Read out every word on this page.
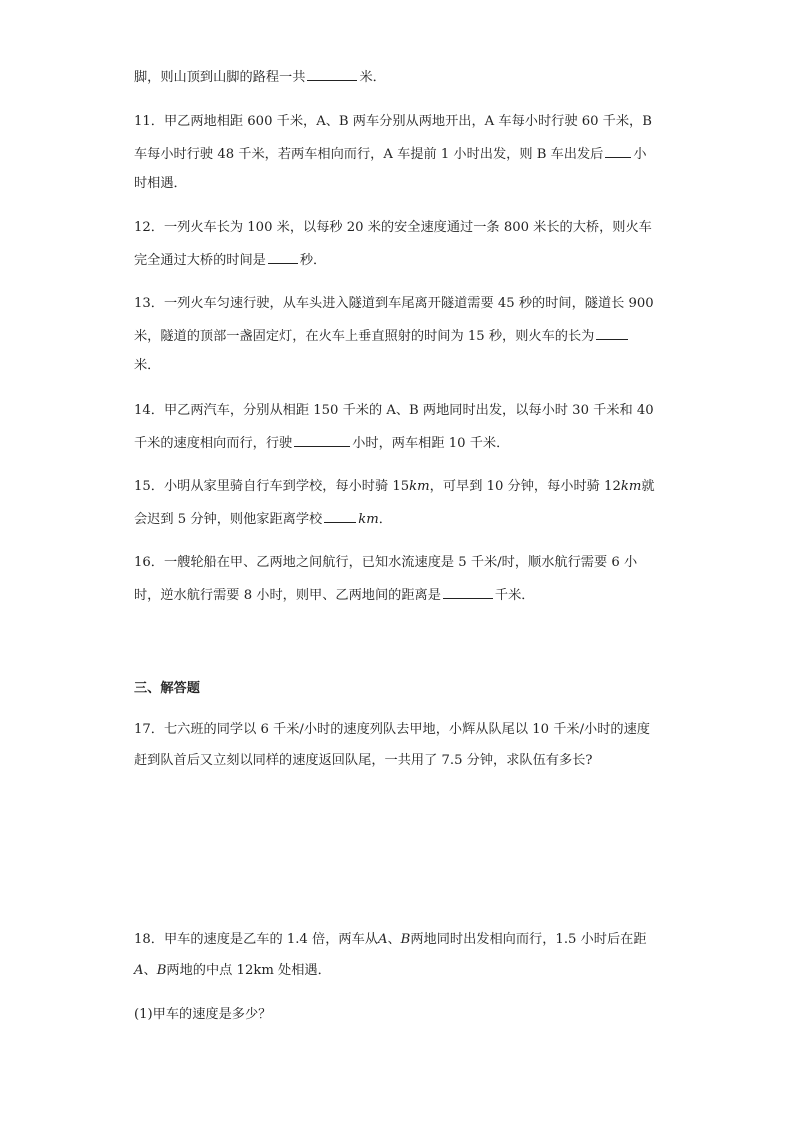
脚，则山顶到山脚的路程一共	米．
11．甲乙两地相距 600 千米，A、B 两车分别从两地开出，A 车每小时行驶 60 千米，B
车每小时行驶 48 千米，若两车相向而行，A 车提前 1 小时出发，则 B 车出发后 小
时相遇．
12．一列火车长为 100 米，以每秒 20 米的安全速度通过一条 800 米长的大桥，则火车
完全通过大桥的时间是	秒．
13．一列火车匀速行驶，从车头进入隧道到车尾离开隧道需要 45 秒的时间，隧道长 900
米，隧道的顶部一盏固定灯，在火车上垂直照射的时间为 15 秒，则火车的长为
米．
14．甲乙两汽车，分别从相距 150 千米的 A、B 两地同时出发，以每小时 30 千米和 40
千米的速度相向而行，行驶	小时，两车相距 10 千米．
15．小明从家里骑自行车到学校，每小时骑 15km，可早到 10 分钟，每小时骑 12km就
会迟到 5 分钟，则他家距离学校	km．
16．一艘轮船在甲、乙两地之间航行，已知水流速度是 5 千米/时，顺水航行需要 6 小
时，逆水航行需要 8 小时，则甲、乙两地间的距离是	千米．
三、解答题
17．七六班的同学以 6 千米/小时的速度列队去甲地，小辉从队尾以 10 千米/小时的速度
赶到队首后又立刻以同样的速度返回队尾，一共用了 7.5 分钟，求队伍有多长?
18．甲车的速度是乙车的 1.4 倍，两车从A、B两地同时出发相向而行，1.5 小时后在距
A、B两地的中点 12km 处相遇．
(1)甲车的速度是多少？
